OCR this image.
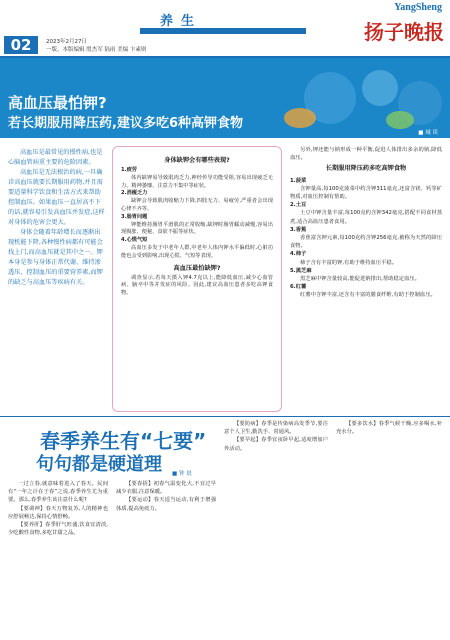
02	2023年2月27日
一版、本版编辑 殷杰军 陆雨 美编 卞素则
养生
YangSheng
扬子晚报
高血压最怕钾?
若长期服用降压药,建议多吃6种高钾食物
■ 城 谈

高血压是最常见的慢性病,也是心脑血管病重主要的危险因素。

高血压是无法根治的病,一旦确诊高血压就要长期服用药物,并且需要适量科学饮食和生活方式来帮助控制血压。如果血压一直居高不下的话,就容易引发高血压并发症,这样对身体的危害会更大。

身体会随着年龄增长而逐渐出现机能下降,各种慢性病都有可能会找上门,而高血压就是其中之一。钾本身是参与身体正常代谢、维持渗透压、控制血压的重要营养素,而钾的缺乏与高血压等疾病有关。

身体缺钾会有哪些表现?

1.疲劳

体内缺钾易导致肌肉乏力,神经传导功能受阻,容易出现疲乏无力、精神萎靡、注意力不集中等症状。

2.消瘦乏力

缺钾会导致肌肉收缩力下降,四肢无力、易疲劳,严重者会出现心律不齐等。

3.肠胃问题

钾能维持肠胃平滑肌的正常收缩,缺钾时肠胃蠕动减慢,容易出现腹胀、便秘、食欲不振等症状。

4.心慌气短

高血压多发于中老年人群,中老年人体内钾水平偏低时,心脏功能也会受到影响,出现心慌、气短等表现。

高血压最怕缺钾?

调查显示,若每天摄入钾4.7克以上,能降低血压,减少心血管病、脑卒中等并发症的风险。因此,建议高血压患者多吃高钾食物。

另外,钾还能与钠形成一种平衡,促进人体排出多余的钠,降低血压。

长期服用降压药多吃高钾食物

1.菠菜

含钾量高,每100克菠菜中约含钾311毫克,还富含镁、钙等矿物质,对血压控制有帮助。

2.土豆

土豆中钾含量丰富,每100克约含钾342毫克,搭配不同食材蒸煮,适合高血压患者食用。

3.香蕉

香蕉富含钾元素,每100克约含钾256毫克,被称为天然的降压食物。

4.柿子

柿子含有丰富的钾,有助于维持血压平稳。

5.黑芝麻

黑芝麻中钾含量较高,能促进钠排出,帮助稳定血压。

6.红薯

红薯中含钾丰富,还含有丰富的膳食纤维,有助于控制血压。

春季养生有“七要”
句句都是硬道理 ■ 钟 晨

一过立春,就意味着进入了春天。民间有“一年之计在于春”之说,春季养生尤为重要。那么,春季养生该注意什么呢?

【要调神】春天万物复苏,人的精神也应舒展畅达,保持心情舒畅。

【要养肝】春季肝气旺盛,饮食宜清淡,少吃酸性食物,多吃甘甜之品。

【要春捂】初春气温变化大,不宜过早减少衣服,注意保暖。

【要运动】春天适当运动,有利于增强体质,提高免疫力。

【要防病】春季是传染病高发季节,要注意个人卫生,勤洗手、常通风。

【要早起】春季宜夜卧早起,适度增加户外活动。

【要多饮水】春季气候干燥,应多喝水,补充水分。
